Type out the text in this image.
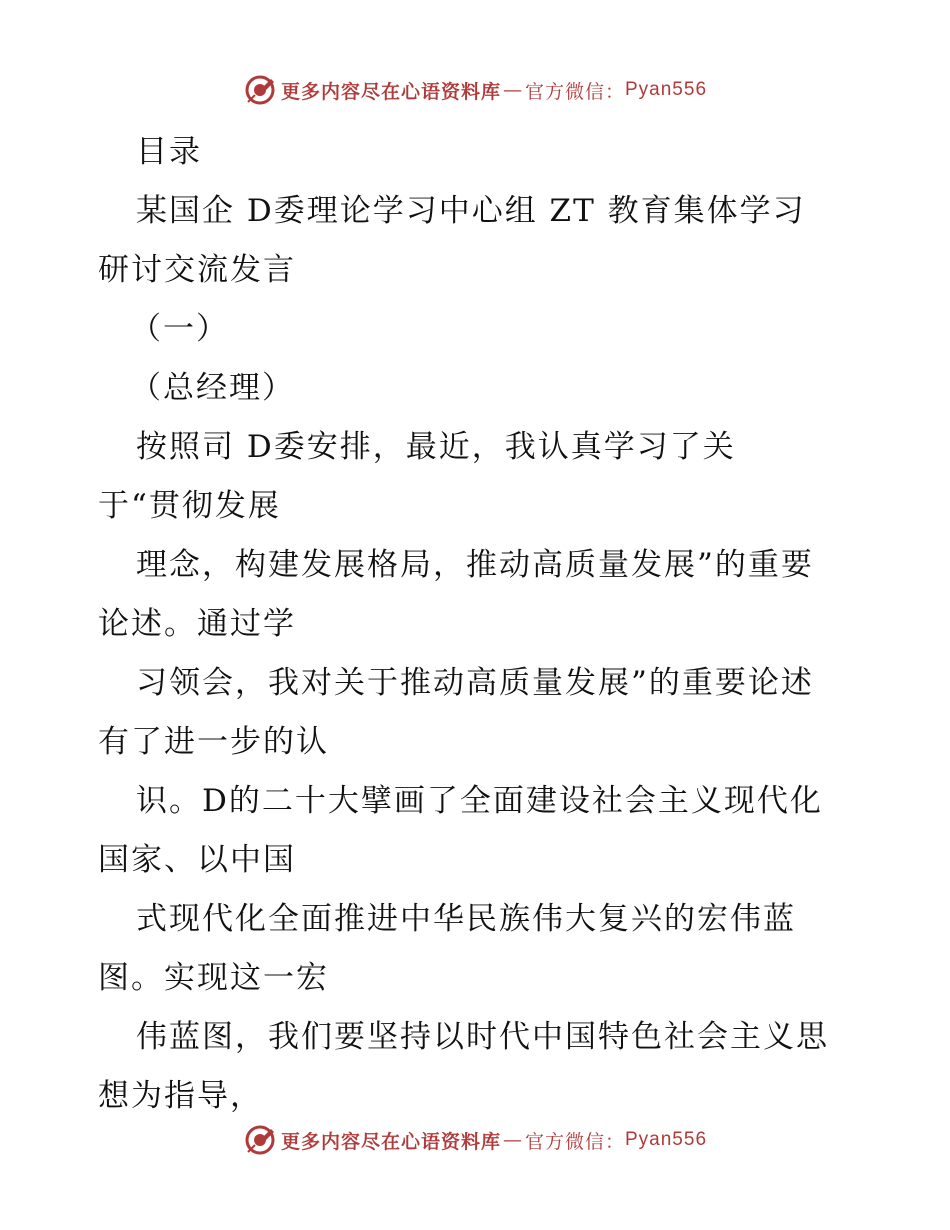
更多内容尽在心语资料库 — 官方微信： Pyan556
目录
某国企 D委理论学习中心组 ZT 教育集体学习
研讨交流发言
（一）
（总经理）
按照司 D委安排，最近，我认真学习了关
于“贯彻发展
理念，构建发展格局，推动高质量发展”的重要
论述。通过学
习领会，我对关于推动高质量发展”的重要论述
有了进一步的认
识。D的二十大擘画了全面建设社会主义现代化
国家、以中国
式现代化全面推进中华民族伟大复兴的宏伟蓝
图。实现这一宏
伟蓝图，我们要坚持以时代中国特色社会主义思
想为指导，
更多内容尽在心语资料库 — 官方微信： Pyan556
